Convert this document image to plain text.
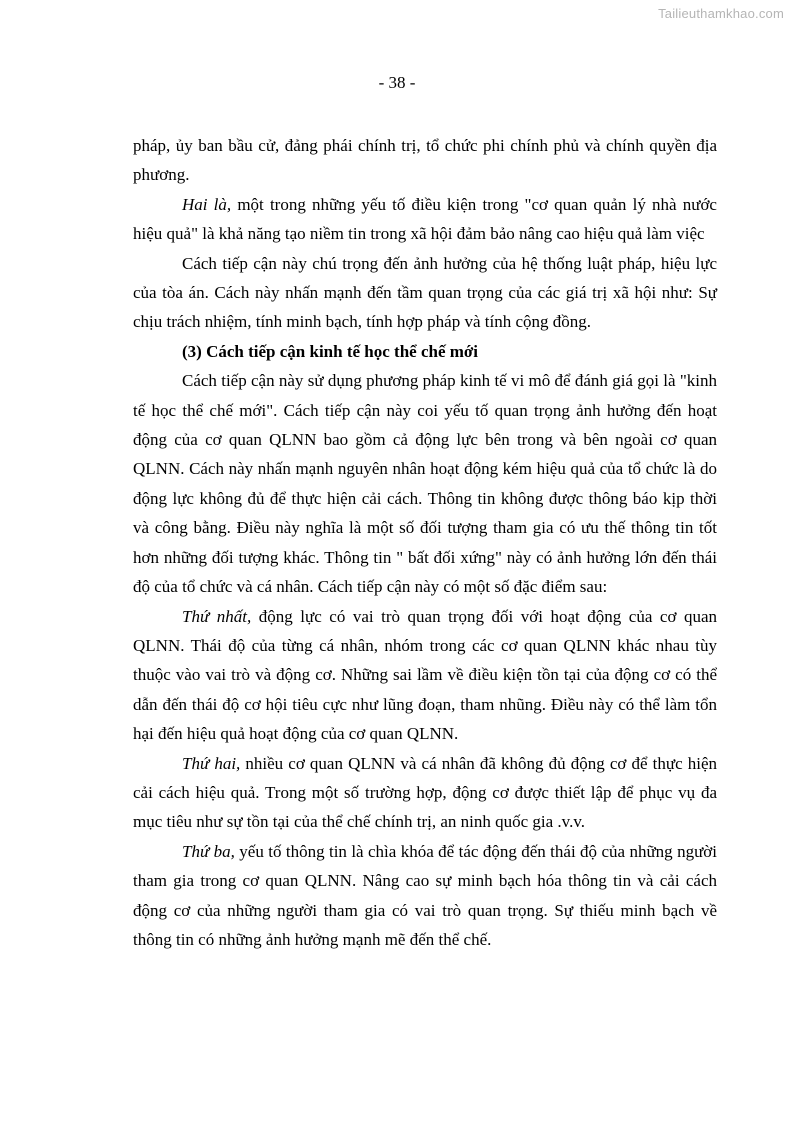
Tailieuthamkhao.com
- 38 -

pháp, ủy ban bầu cử, đảng phái chính trị, tổ chức phi chính phủ và chính quyền địa phương.

Hai là, một trong những yếu tố điều kiện trong "cơ quan quản lý nhà nước hiệu quả" là khả năng tạo niềm tin trong xã hội đảm bảo nâng cao hiệu quả làm việc

Cách tiếp cận này chú trọng đến ảnh hưởng của hệ thống luật pháp, hiệu lực của tòa án. Cách này nhấn mạnh đến tầm quan trọng của các giá trị xã hội như: Sự chịu trách nhiệm, tính minh bạch, tính hợp pháp và tính cộng đồng.

(3) Cách tiếp cận kinh tế học thể chế mới

Cách tiếp cận này sử dụng phương pháp kinh tế vi mô để đánh giá gọi là "kinh tế học thể chế mới". Cách tiếp cận này coi yếu tố quan trọng ảnh hưởng đến hoạt động của cơ quan QLNN bao gồm cả động lực bên trong và bên ngoài cơ quan QLNN. Cách này nhấn mạnh nguyên nhân hoạt động kém hiệu quả của tổ chức là do động lực không đủ để thực hiện cải cách. Thông tin không được thông báo kịp thời và công bằng. Điều này nghĩa là một số đối tượng tham gia có ưu thế thông tin tốt hơn những đối tượng khác. Thông tin " bất đối xứng" này có ảnh hưởng lớn đến thái độ của tổ chức và cá nhân. Cách tiếp cận này có một số đặc điểm sau:

Thứ nhất, động lực có vai trò quan trọng đối với hoạt động của cơ quan QLNN. Thái độ của từng cá nhân, nhóm trong các cơ quan QLNN khác nhau tùy thuộc vào vai trò và động cơ. Những sai lầm về điều kiện tồn tại của động cơ có thể dẫn đến thái độ cơ hội tiêu cực như lũng đoạn, tham nhũng. Điều này có thể làm tổn hại đến hiệu quả hoạt động của cơ quan QLNN.

Thứ hai, nhiều cơ quan QLNN và cá nhân đã không đủ động cơ để thực hiện cải cách hiệu quả. Trong một số trường hợp, động cơ được thiết lập để phục vụ đa mục tiêu như sự tồn tại của thể chế chính trị, an ninh quốc gia .v.v.

Thứ ba, yếu tố thông tin là chìa khóa để tác động đến thái độ của những người tham gia trong cơ quan QLNN. Nâng cao sự minh bạch hóa thông tin và cải cách động cơ của những người tham gia có vai trò quan trọng. Sự thiếu minh bạch về thông tin có những ảnh hưởng mạnh mẽ đến thể chế.
